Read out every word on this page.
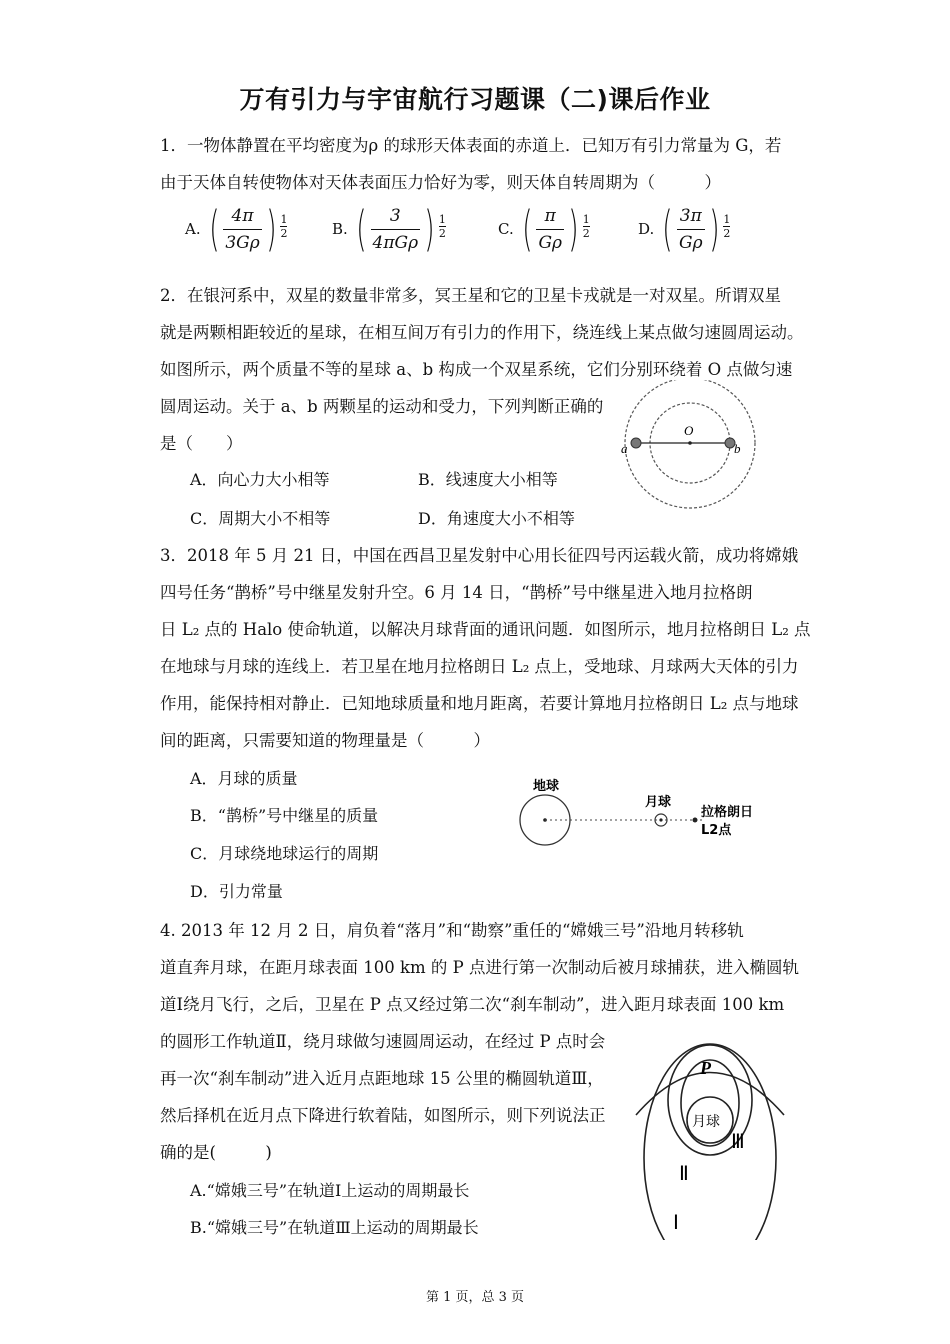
万有引力与宇宙航行习题课（二)课后作业
1．一物体静置在平均密度为ρ 的球形天体表面的赤道上．已知万有引力常量为 G，若
由于天体自转使物体对天体表面压力恰好为零，则天体自转周期为（　　　）
A. ( $\frac{4\pi}{3G\rho}$ ) 1
2	B. ( $\frac{3}{\text{4πGρ}}$ ) 1
2	C. ( $\frac{\pi}{G\rho}$ ) 1
2	D. ( $\frac{3\pi}{G\rho}$ ) 1
2
2．在银河系中，双星的数量非常多，冥王星和它的卫星卡戎就是一对双星。所谓双星
就是两颗相距较近的星球，在相互间万有引力的作用下，绕连线上某点做匀速圆周运动。
如图所示，两个质量不等的星球 a、b 构成一个双星系统，它们分别环绕着 O 点做匀速
圆周运动。关于 a、b 两颗星的运动和受力，下列判断正确的
是（　　）
A．向心力大小相等	B．线速度大小相等
C．周期大小不相等	D．角速度大小不相等
O
a	b
3．2018 年 5 月 21 日，中国在西昌卫星发射中心用长征四号丙运载火箭，成功将嫦娥
四号任务“鹊桥”号中继星发射升空。6 月 14 日，“鹊桥”号中继星进入地月拉格朗
日 L₂ 点的 Halo 使命轨道，以解决月球背面的通讯问题．如图所示，地月拉格朗日 L₂ 点
在地球与月球的连线上．若卫星在地月拉格朗日 L₂ 点上，受地球、月球两大天体的引力
作用，能保持相对静止．已知地球质量和地月距离，若要计算地月拉格朗日 L₂ 点与地球
间的距离，只需要知道的物理量是（　　　）
A．月球的质量
B．“鹊桥”号中继星的质量
C．月球绕地球运行的周期
D．引力常量
地球
月球
拉格朗日
L2点
4. 2013 年 12 月 2 日，肩负着“落月”和“勘察”重任的“嫦娥三号”沿地月转移轨
道直奔月球，在距月球表面 100 km 的 P 点进行第一次制动后被月球捕获，进入椭圆轨
道Ⅰ绕月飞行，之后，卫星在 P 点又经过第二次“刹车制动”，进入距月球表面 100 km
的圆形工作轨道Ⅱ，绕月球做匀速圆周运动，在经过 P 点时会
再一次“刹车制动”进入近月点距地球 15 公里的椭圆轨道Ⅲ，
然后择机在近月点下降进行软着陆，如图所示，则下列说法正
确的是(　　　)
A.“嫦娥三号”在轨道Ⅰ上运动的周期最长
B.“嫦娥三号”在轨道Ⅲ上运动的周期最长
P
月球
Ⅲ
Ⅱ
Ⅰ
第 1 页，总 3 页
